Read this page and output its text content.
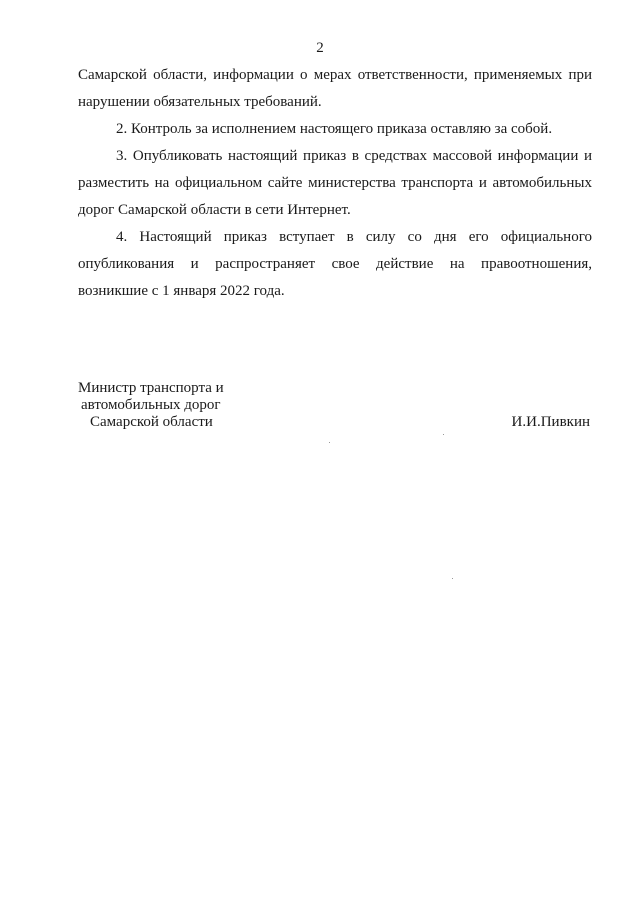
2

Самарской области, информации о мерах ответственности, применяемых при

нарушении обязательных требований.

2. Контроль за исполнением настоящего приказа оставляю за собой.

3. Опубликовать настоящий приказ в средствах массовой информации и

разместить на официальном сайте министерства транспорта и автомобильных

дорог Самарской области в сети Интернет.

4. Настоящий приказ вступает в силу со дня его официального

опубликования и распространяет свое действие на правоотношения,

возникшие с 1 января 2022 года.

Министр транспорта и
автомобильных дорог
Самарской области	И.И.Пивкин
